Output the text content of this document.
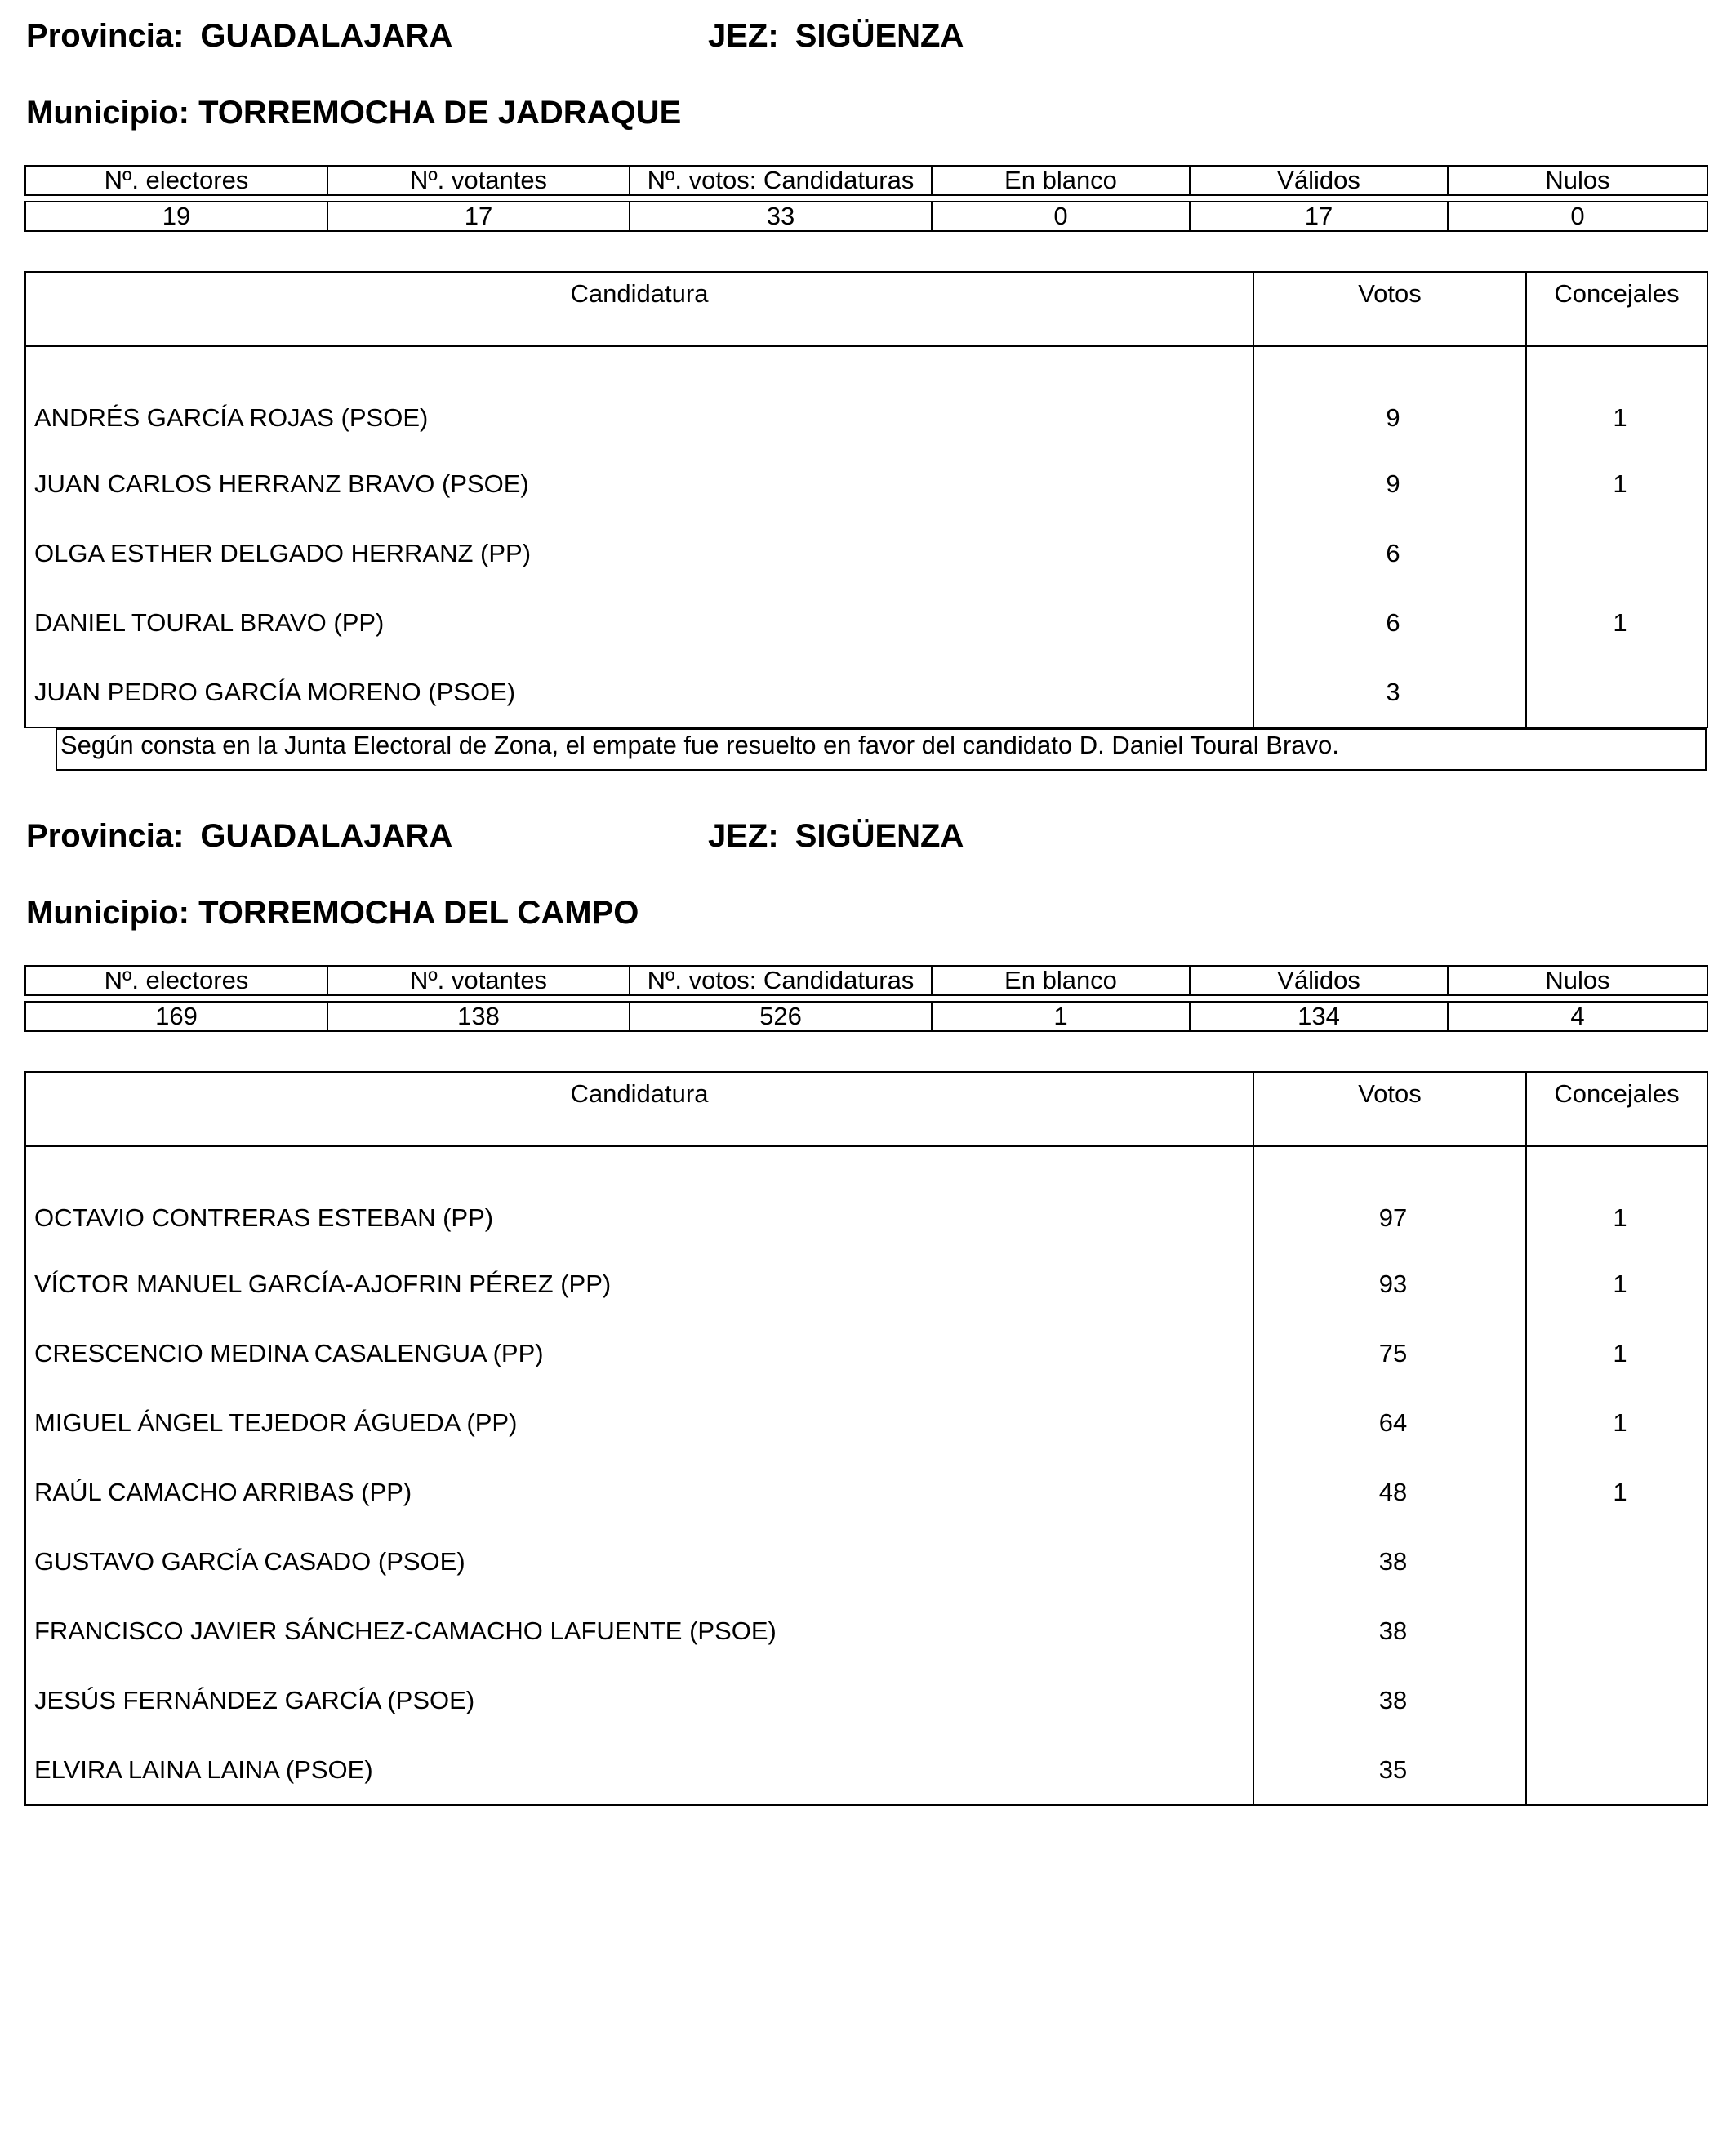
Provincia: GUADALAJARA	JEZ: SIGÜENZA
Municipio: TORREMOCHA DE JADRAQUE
Nº. electores	Nº. votantes	Nº. votos: Candidaturas	En blanco	Válidos	Nulos

19	17	33	0	17	0
Candidatura	Votos	Concejales
ANDRÉS GARCÍA ROJAS (PSOE)	9	1
JUAN CARLOS HERRANZ BRAVO (PSOE)	9	1
OLGA ESTHER DELGADO HERRANZ (PP)	6	
DANIEL TOURAL BRAVO (PP)	6	1
JUAN PEDRO GARCÍA MORENO (PSOE)	3	
Según consta en la Junta Electoral de Zona, el empate fue resuelto en favor del candidato D. Daniel Toural Bravo.
Provincia: GUADALAJARA	JEZ: SIGÜENZA
Municipio: TORREMOCHA DEL CAMPO
Nº. electores	Nº. votantes	Nº. votos: Candidaturas	En blanco	Válidos	Nulos

169	138	526	1	134	4
Candidatura	Votos	Concejales
OCTAVIO CONTRERAS ESTEBAN (PP)	97	1
VÍCTOR MANUEL GARCÍA-AJOFRIN PÉREZ (PP)	93	1
CRESCENCIO MEDINA CASALENGUA (PP)	75	1
MIGUEL ÁNGEL TEJEDOR ÁGUEDA (PP)	64	1
RAÚL CAMACHO ARRIBAS (PP)	48	1
GUSTAVO GARCÍA CASADO (PSOE)	38	
FRANCISCO JAVIER SÁNCHEZ-CAMACHO LAFUENTE (PSOE)	38	
JESÚS FERNÁNDEZ GARCÍA (PSOE)	38	
ELVIRA LAINA LAINA (PSOE)	35	
